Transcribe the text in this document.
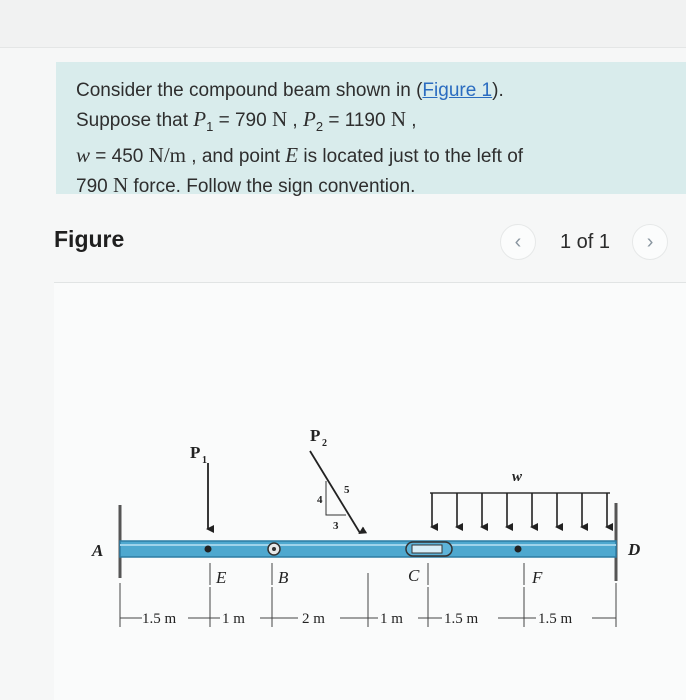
Consider the compound beam shown in (Figure 1).
Suppose that $P_1 = 790$ N , $P_2 = 1190$ N ,
w = 450 N/m , and point E is located just to the left of
790 N force. Follow the sign convention.
Figure	‹ 1 of 1 ›
A	D
P 1
P 2
4
5
3
w
E	B	C	F
1.5 m	1 m	2 m	1 m	1.5 m	1.5 m
